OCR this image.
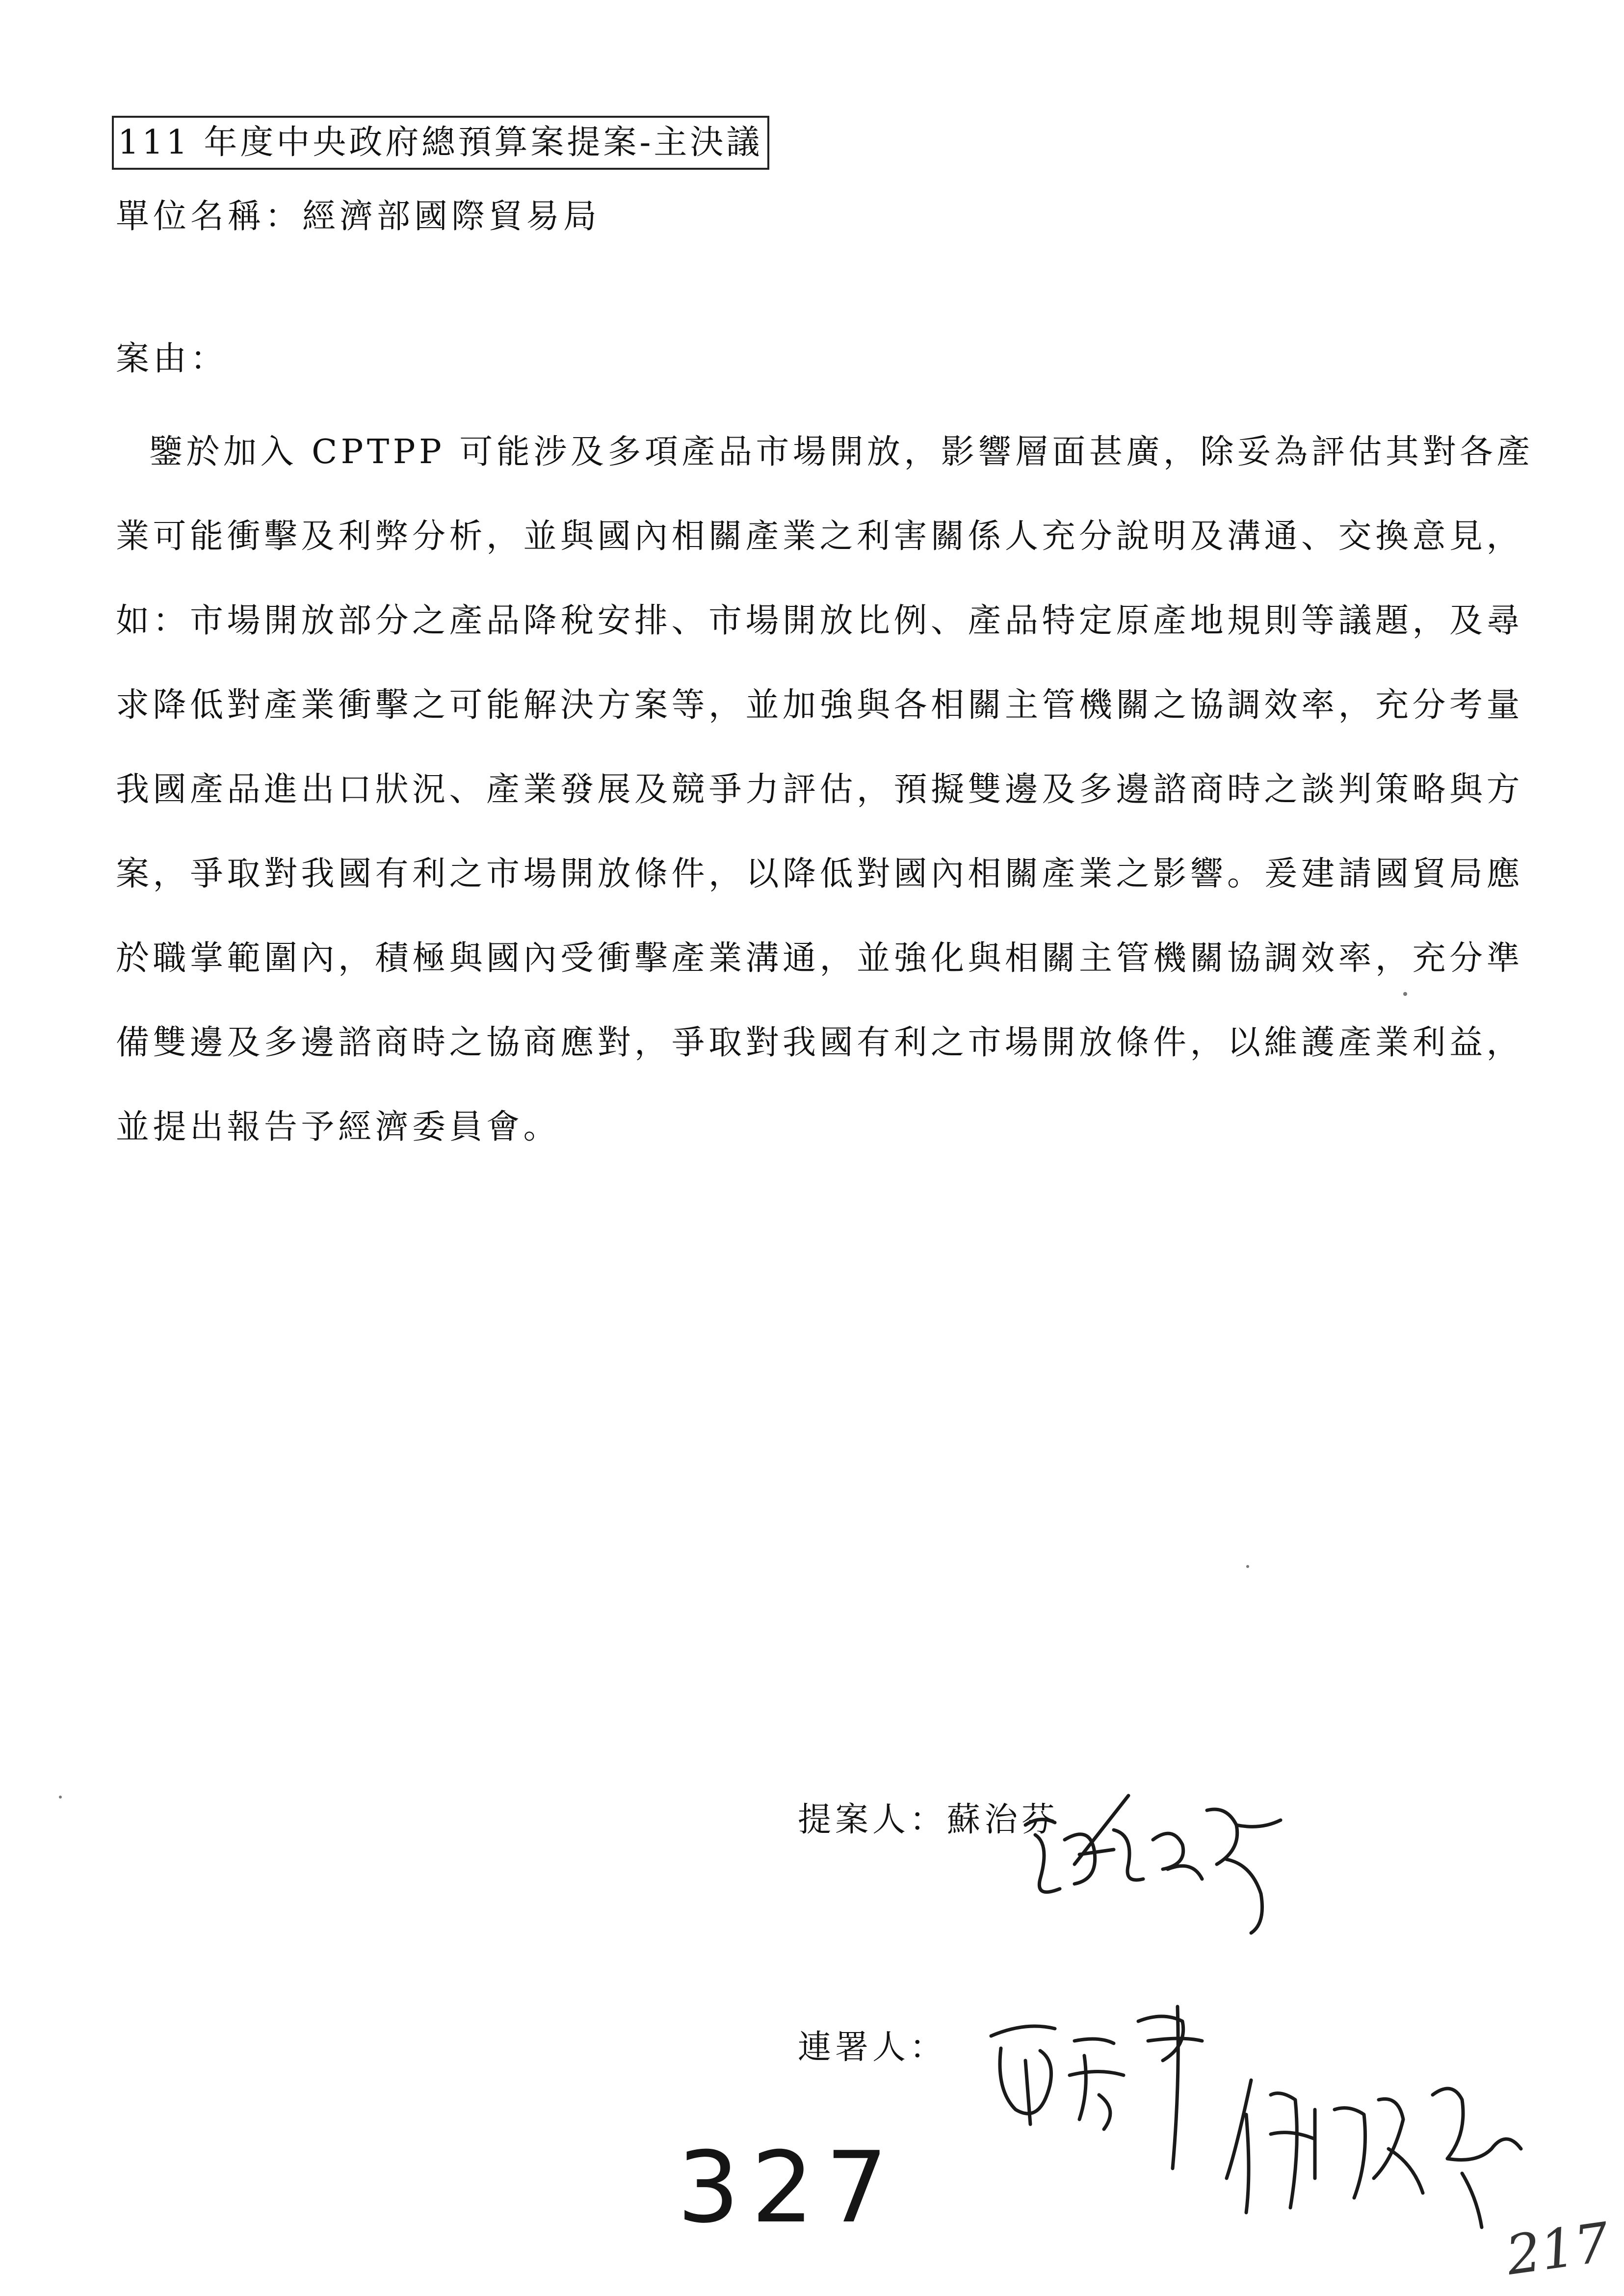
111 年度中央政府總預算案提案-主決議
單位名稱：經濟部國際貿易局
案由：
鑒於加入 CPTPP 可能涉及多項產品市場開放，影響層面甚廣，除妥為評估其對各產
業可能衝擊及利弊分析，並與國內相關產業之利害關係人充分說明及溝通、交換意見，
如：市場開放部分之產品降稅安排、市場開放比例、產品特定原產地規則等議題，及尋
求降低對產業衝擊之可能解決方案等，並加強與各相關主管機關之協調效率，充分考量
我國產品進出口狀況、產業發展及競爭力評估，預擬雙邊及多邊諮商時之談判策略與方
案，爭取對我國有利之市場開放條件，以降低對國內相關產業之影響。爰建請國貿局應
於職掌範圍內，積極與國內受衝擊產業溝通，並強化與相關主管機關協調效率，充分準
備雙邊及多邊諮商時之協商應對，爭取對我國有利之市場開放條件，以維護產業利益，
並提出報告予經濟委員會。
提案人：蘇治芬
連署人：
327
217
